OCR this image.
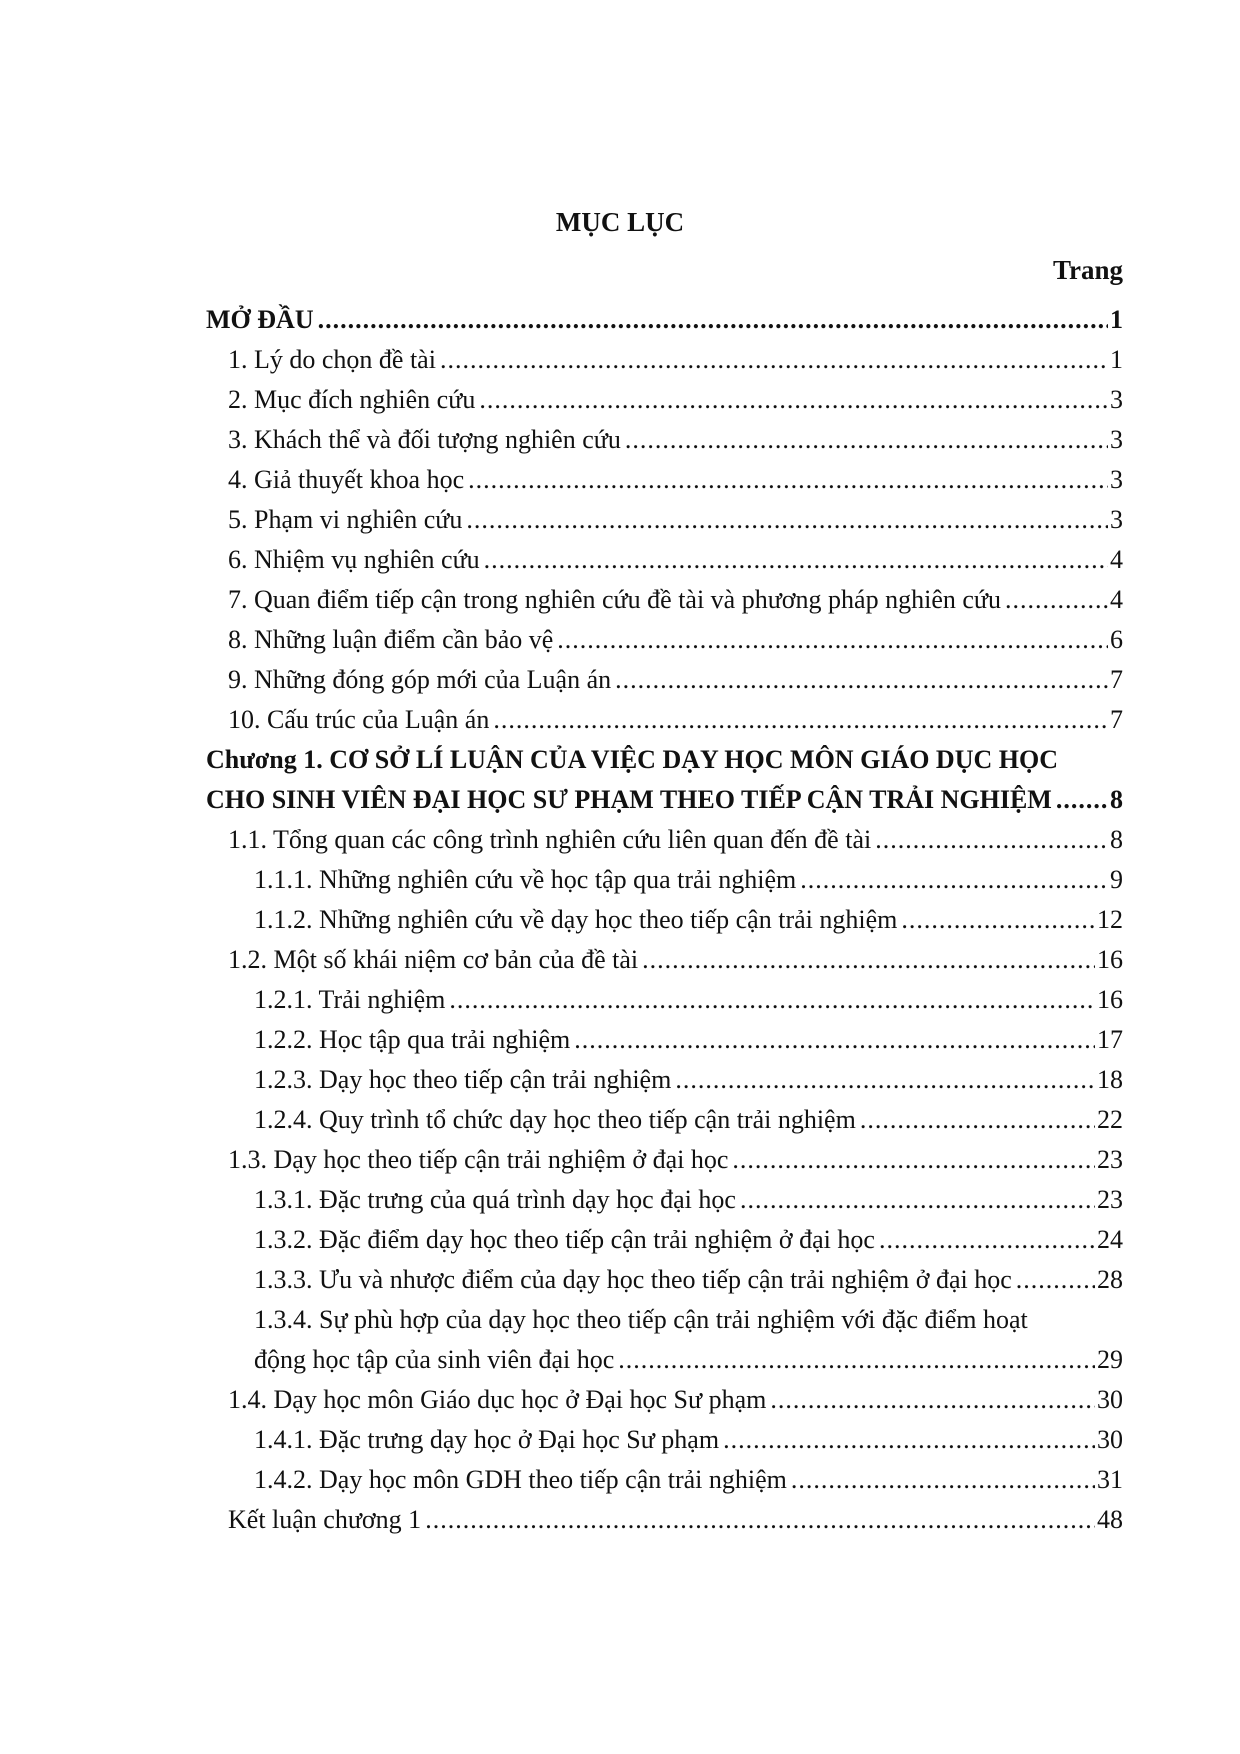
MỤC LỤC
Trang
MỞ ĐẦU .....	1
1. Lý do chọn đề tài .....	1
2. Mục đích nghiên cứu .....	3
3. Khách thể và đối tượng nghiên cứu .....	3
4. Giả thuyết khoa học .....	3
5. Phạm vi nghiên cứu .....	3
6. Nhiệm vụ nghiên cứu .....	4
7. Quan điểm tiếp cận trong nghiên cứu đề tài và phương pháp nghiên cứu .....	4
8. Những luận điểm cần bảo vệ .....	6
9. Những đóng góp mới của Luận án .....	7
10. Cấu trúc của Luận án .....	7
Chương 1. CƠ SỞ LÍ LUẬN CỦA VIỆC DẠY HỌC MÔN GIÁO DỤC HỌC
CHO SINH VIÊN ĐẠI HỌC SƯ PHẠM THEO TIẾP CẬN TRẢI NGHIỆM ..... 8
1.1. Tổng quan các công trình nghiên cứu liên quan đến đề tài .....	8
1.1.1. Những nghiên cứu về học tập qua trải nghiệm .....	9
1.1.2. Những nghiên cứu về dạy học theo tiếp cận trải nghiệm .....	12
1.2. Một số khái niệm cơ bản của đề tài .....	16
1.2.1. Trải nghiệm .....	16
1.2.2. Học tập qua trải nghiệm .....	17
1.2.3. Dạy học theo tiếp cận trải nghiệm .....	18
1.2.4. Quy trình tổ chức dạy học theo tiếp cận trải nghiệm .....	22
1.3. Dạy học theo tiếp cận trải nghiệm ở đại học .....	23
1.3.1. Đặc trưng của quá trình dạy học đại học .....	23
1.3.2. Đặc điểm dạy học theo tiếp cận trải nghiệm ở đại học .....	24
1.3.3. Ưu và nhược điểm của dạy học theo tiếp cận trải nghiệm ở đại học .....	28
1.3.4. Sự phù hợp của dạy học theo tiếp cận trải nghiệm với đặc điểm hoạt
động học tập của sinh viên đại học .....	29
1.4. Dạy học môn Giáo dục học ở Đại học Sư phạm .....	30
1.4.1. Đặc trưng dạy học ở Đại học Sư phạm .....	30
1.4.2. Dạy học môn GDH theo tiếp cận trải nghiệm .....	31
Kết luận chương 1 .....	48
